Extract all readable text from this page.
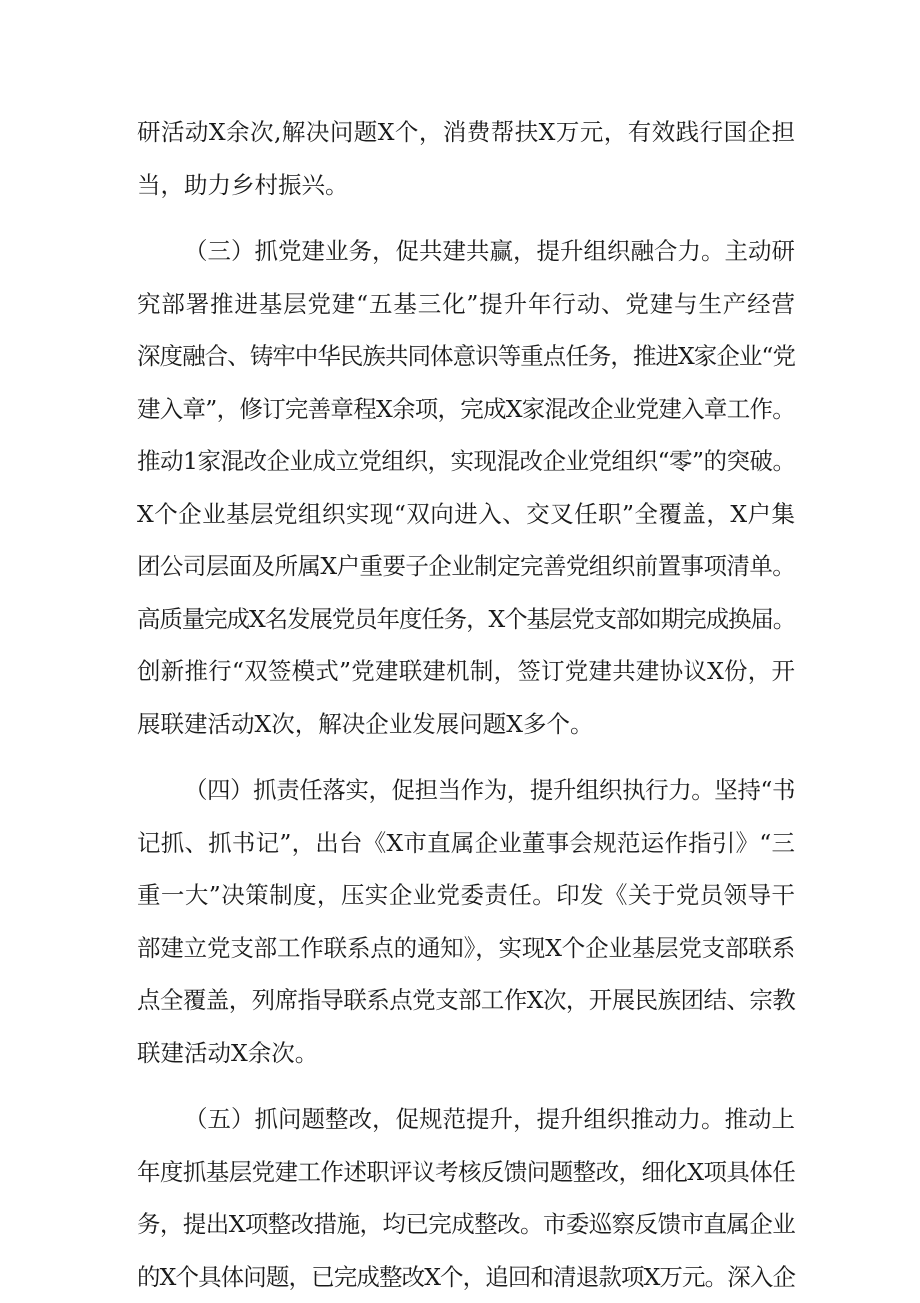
研活动X余次,解决问题X个，消费帮扶X万元，有效践行国企担
当，助力乡村振兴。
（三）抓党建业务，促共建共赢，提升组织融合力。主动研
究部署推进基层党建“五基三化”提升年行动、党建与生产经营
深度融合、铸牢中华民族共同体意识等重点任务，推进X家企业“党
建入章”，修订完善章程X余项，完成X家混改企业党建入章工作。
推动1家混改企业成立党组织，实现混改企业党组织“零”的突破。
X个企业基层党组织实现“双向进入、交叉任职”全覆盖，X户集
团公司层面及所属X户重要子企业制定完善党组织前置事项清单。
高质量完成X名发展党员年度任务，X个基层党支部如期完成换届。
创新推行“双签模式”党建联建机制，签订党建共建协议X份，开
展联建活动X次，解决企业发展问题X多个。
（四）抓责任落实，促担当作为，提升组织执行力。坚持“书
记抓、抓书记”，出台《X市直属企业董事会规范运作指引》“三
重一大”决策制度，压实企业党委责任。印发《关于党员领导干
部建立党支部工作联系点的通知》，实现X个企业基层党支部联系
点全覆盖，列席指导联系点党支部工作X次，开展民族团结、宗教
联建活动X余次。
（五）抓问题整改，促规范提升，提升组织推动力。推动上
年度抓基层党建工作述职评议考核反馈问题整改，细化X项具体任
务，提出X项整改措施，均已完成整改。市委巡察反馈市直属企业
的X个具体问题，已完成整改X个，追回和清退款项X万元。深入企
